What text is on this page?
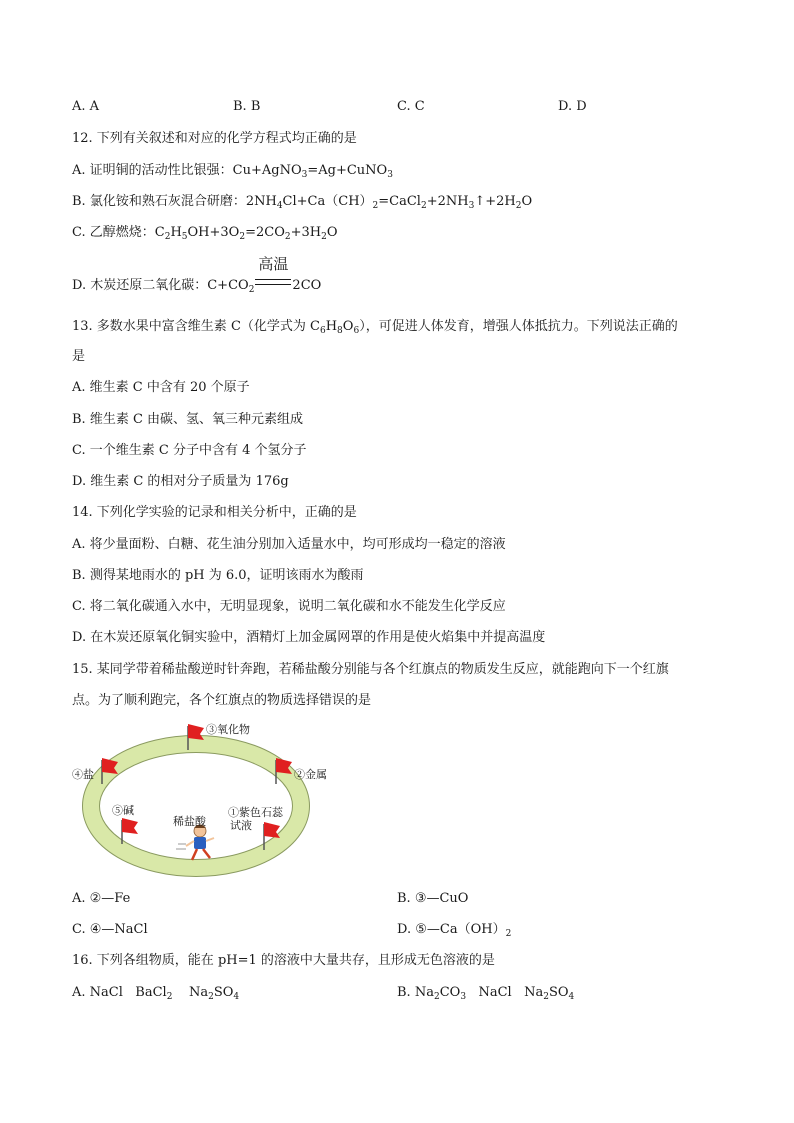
A. A	B. B	C. C	D. D
12. 下列有关叙述和对应的化学方程式均正确的是
A. 证明铜的活动性比银强：Cu+AgNO$_3$=Ag+CuNO$_3$
B. 氯化铵和熟石灰混合研磨：$2NH_4Cl+Ca(CH)_2=CaCl_2+2NH_3↑+2H_2O$
C. 乙醇燃烧：$C_2H_5OH+3O_2=2CO_2+3H_2O$
D. 木炭还原二氧化碳：$C+CO_2$
高温
2CO
13. 多数水果中富含维生素 C（化学式为 $C_6H_8O_6$），可促进人体发育，增强人体抵抗力。下列说法正确的
是
A. 维生素 C 中含有 20 个原子
B. 维生素 C 由碳、氢、氧三种元素组成
C. 一个维生素 C 分子中含有 4 个氢分子
D. 维生素 C 的相对分子质量为 176g
14. 下列化学实验的记录和相关分析中，正确的是
A. 将少量面粉、白糖、花生油分别加入适量水中，均可形成均一稳定的溶液
B. 测得某地雨水的 pH 为 6.0，证明该雨水为酸雨
C. 将二氧化碳通入水中，无明显现象，说明二氧化碳和水不能发生化学反应
D. 在木炭还原氧化铜实验中，酒精灯上加金属网罩的作用是使火焰集中并提高温度
15. 某同学带着稀盐酸逆时针奔跑，若稀盐酸分别能与各个红旗点的物质发生反应，就能跑向下一个红旗
点。为了顺利跑完，各个红旗点的物质选择错误的是
③氧化物
④盐	②金属
⑤碱	①紫色石蕊
试液
稀盐酸
A. ②—Fe	B. ③—CuO
C. ④—NaCl	D. $⑤—Ca(OH)_2$
16. 下列各组物质，能在 pH=1 的溶液中大量共存，且形成无色溶液的是
A. NaCl   BaCl$_2$    $Na_2SO_4$	B. $Na_2CO_3$   NaCl   $Na_2SO_4$
